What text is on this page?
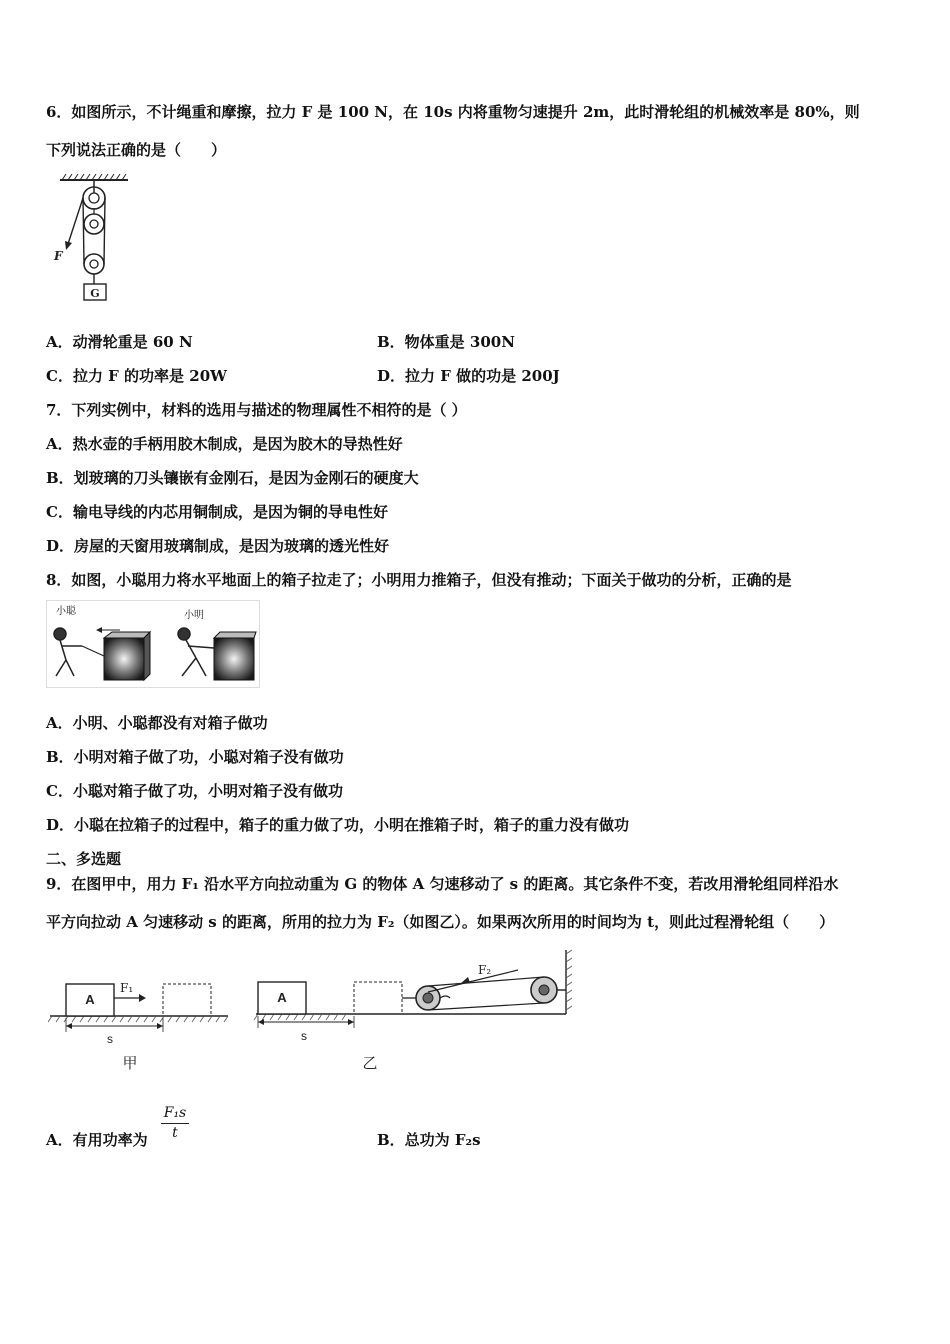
6．如图所示，不计绳重和摩擦，拉力 F 是 100 N，在 10s 内将重物匀速提升 2m，此时滑轮组的机械效率是 80%，则
下列说法正确的是（　　）
F
G
A．动滑轮重是 60 N	B．物体重是 300N
C．拉力 F 的功率是 20W	D．拉力 F 做的功是 200J
7．下列实例中，材料的选用与描述的物理属性不相符的是（ ）
A．热水壶的手柄用胶木制成，是因为胶木的导热性好
B．划玻璃的刀头镶嵌有金刚石，是因为金刚石的硬度大
C．输电导线的内芯用铜制成，是因为铜的导电性好
D．房屋的天窗用玻璃制成，是因为玻璃的透光性好
8．如图，小聪用力将水平地面上的箱子拉走了；小明用力推箱子，但没有推动；下面关于做功的分析，正确的是
小聪	小明
A．小明、小聪都没有对箱子做功
B．小明对箱子做了功，小聪对箱子没有做功
C．小聪对箱子做了功，小明对箱子没有做功
D．小聪在拉箱子的过程中，箱子的重力做了功，小明在推箱子时，箱子的重力没有做功
二、多选题
9．在图甲中，用力 F₁ 沿水平方向拉动重为 G 的物体 A 匀速移动了 s 的距离。其它条件不变，若改用滑轮组同样沿水
平方向拉动 A 匀速移动 s 的距离，所用的拉力为 F₂（如图乙）。如果两次所用的时间均为 t，则此过程滑轮组（　　）
A
F₁
s
甲
A
F₂
s
乙
A．有用功率为 $\frac{\text{F₁s}}{t}$	B．总功为 F₂s
